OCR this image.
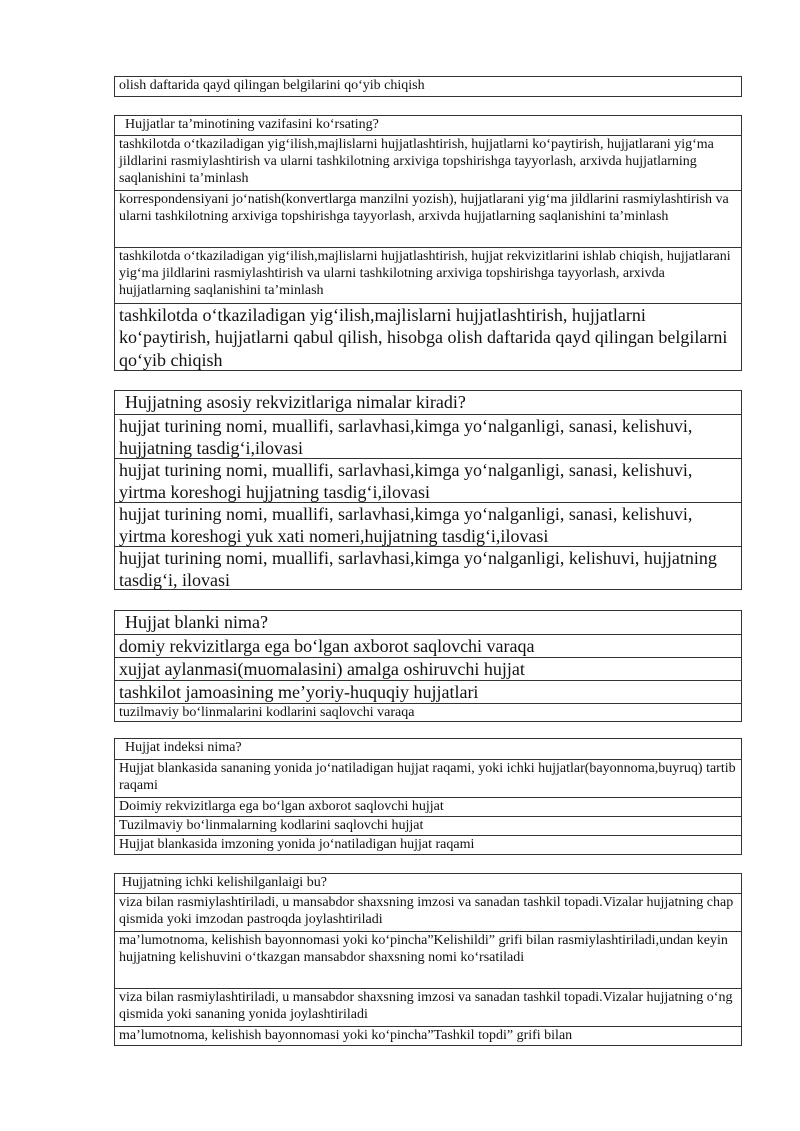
olish daftarida qayd qilingan belgilarini qo‘yib chiqish
Hujjatlar ta’minotining vazifasini ko‘rsating?
tashkilotda o‘tkaziladigan yig‘ilish,majlislarni hujjatlashtirish, hujjatlarni ko‘paytirish, hujjatlarani yig‘ma jildlarini rasmiylashtirish va ularni tashkilotning arxiviga topshirishga tayyorlash, arxivda hujjatlarning saqlanishini ta’minlash
korrespondensiyani jo‘natish(konvertlarga manzilni yozish), hujjatlarani yig‘ma jildlarini rasmiylashtirish va ularni tashkilotning arxiviga topshirishga tayyorlash, arxivda hujjatlarning saqlanishini ta’minlash
tashkilotda o‘tkaziladigan yig‘ilish,majlislarni hujjatlashtirish, hujjat rekvizitlarini ishlab chiqish, hujjatlarani yig‘ma jildlarini rasmiylashtirish va ularni tashkilotning arxiviga topshirishga tayyorlash, arxivda hujjatlarning saqlanishini ta’minlash
tashkilotda o‘tkaziladigan yig‘ilish,majlislarni hujjatlashtirish, hujjatlarni ko‘paytirish, hujjatlarni qabul qilish, hisobga olish daftarida qayd qilingan belgilarni qo‘yib chiqish
Hujjatning asosiy rekvizitlariga nimalar kiradi?
hujjat turining nomi, muallifi, sarlavhasi,kimga yo‘nalganligi, sanasi, kelishuvi, hujjatning tasdig‘i,ilovasi
hujjat turining nomi, muallifi, sarlavhasi,kimga yo‘nalganligi, sanasi, kelishuvi, yirtma koreshogi hujjatning tasdig‘i,ilovasi
hujjat turining nomi, muallifi, sarlavhasi,kimga yo‘nalganligi, sanasi, kelishuvi, yirtma koreshogi yuk xati nomeri,hujjatning tasdig‘i,ilovasi
hujjat turining nomi, muallifi, sarlavhasi,kimga yo‘nalganligi, kelishuvi, hujjatning tasdig‘i, ilovasi
Hujjat blanki nima?
domiy rekvizitlarga ega bo‘lgan axborot saqlovchi varaqa
xujjat aylanmasi(muomalasini) amalga oshiruvchi hujjat
tashkilot jamoasining me’yoriy-huquqiy hujjatlari
tuzilmaviy bo‘linmalarini kodlarini saqlovchi varaqa
Hujjat indeksi nima?
Hujjat blankasida sananing yonida jo‘natiladigan hujjat raqami, yoki ichki hujjatlar(bayonnoma,buyruq) tartib raqami
Doimiy rekvizitlarga ega bo‘lgan axborot saqlovchi hujjat
Tuzilmaviy bo‘linmalarning kodlarini saqlovchi hujjat
Hujjat blankasida imzoning yonida jo‘natiladigan hujjat raqami
Hujjatning ichki kelishilganlaigi bu?
viza bilan rasmiylashtiriladi, u mansabdor shaxsning imzosi va sanadan tashkil topadi.Vizalar hujjatning chap qismida yoki imzodan pastroqda joylashtiriladi
ma’lumotnoma, kelishish bayonnomasi yoki ko‘pincha”Kelishildi” grifi bilan rasmiylashtiriladi,undan keyin hujjatning kelishuvini o‘tkazgan mansabdor shaxsning nomi ko‘rsatiladi
viza bilan rasmiylashtiriladi, u mansabdor shaxsning imzosi va sanadan tashkil topadi.Vizalar hujjatning o‘ng qismida yoki sananing yonida joylashtiriladi
ma’lumotnoma, kelishish bayonnomasi yoki ko‘pincha”Tashkil topdi” grifi bilan
